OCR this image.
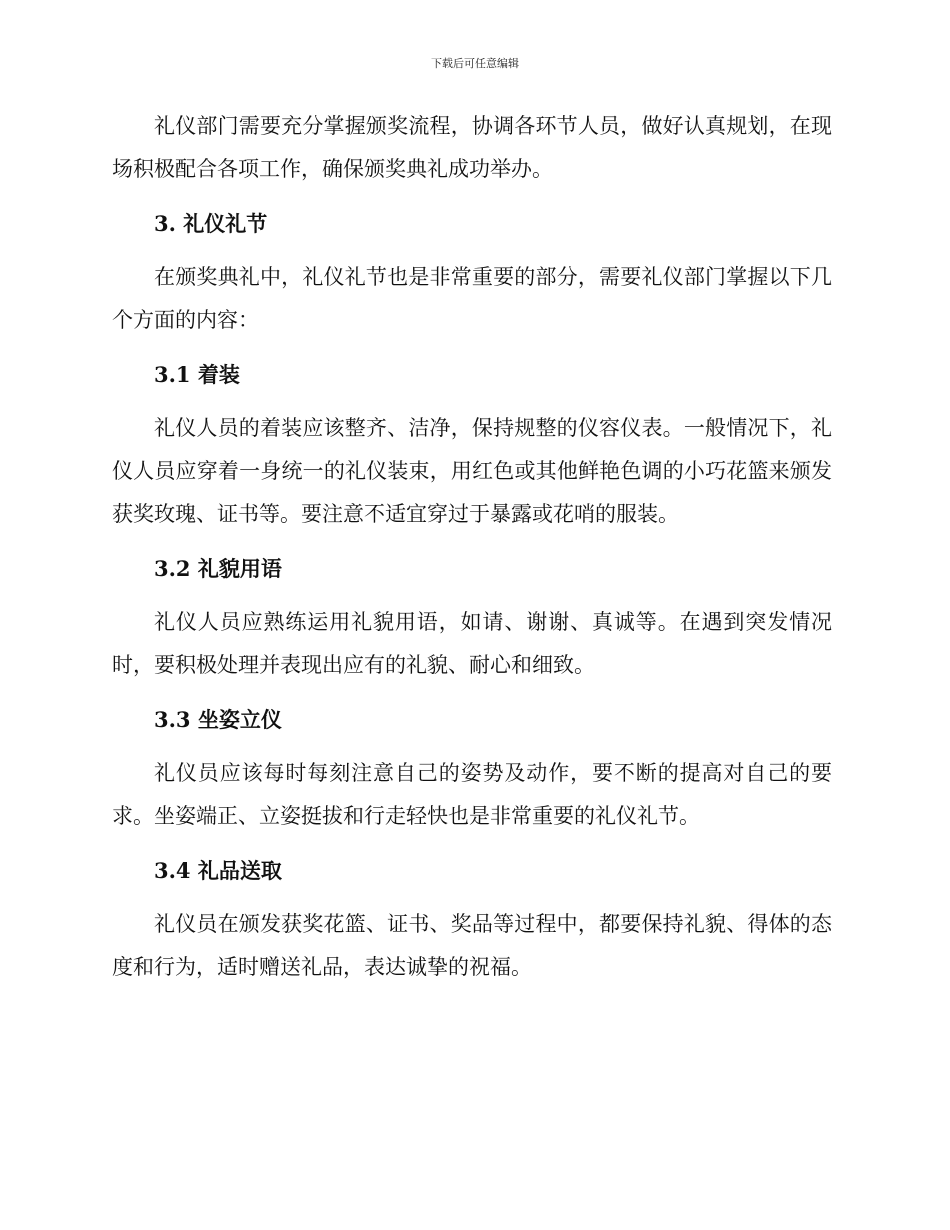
下载后可任意编辑

礼仪部门需要充分掌握颁奖流程，协调各环节人员，做好认真规划，在现场积极配合各项工作，确保颁奖典礼成功举办。

3. 礼仪礼节

在颁奖典礼中，礼仪礼节也是非常重要的部分，需要礼仪部门掌握以下几个方面的内容：

3.1 着装

礼仪人员的着装应该整齐、洁净，保持规整的仪容仪表。一般情况下，礼仪人员应穿着一身统一的礼仪装束，用红色或其他鲜艳色调的小巧花篮来颁发获奖玫瑰、证书等。要注意不适宜穿过于暴露或花哨的服装。

3.2 礼貌用语

礼仪人员应熟练运用礼貌用语，如请、谢谢、真诚等。在遇到突发情况时，要积极处理并表现出应有的礼貌、耐心和细致。

3.3 坐姿立仪

礼仪员应该每时每刻注意自己的姿势及动作，要不断的提高对自己的要求。坐姿端正、立姿挺拔和行走轻快也是非常重要的礼仪礼节。

3.4 礼品送取

礼仪员在颁发获奖花篮、证书、奖品等过程中，都要保持礼貌、得体的态度和行为，适时赠送礼品，表达诚挚的祝福。
